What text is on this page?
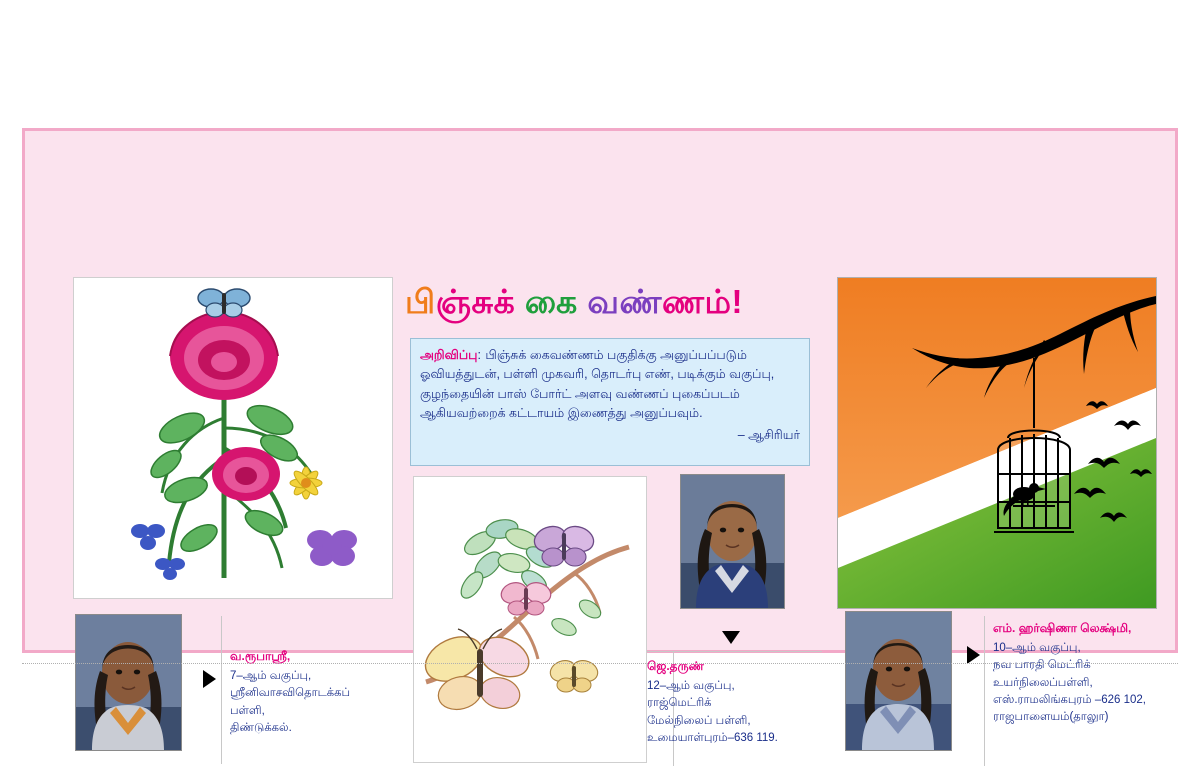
பிஞ்சுக் கை வண்ணம்!
அறிவிப்பு: பிஞ்சுக் கைவண்ணம் பகுதிக்கு அனுப்பப்படும் ஓவியத்துடன், பள்ளி முகவரி, தொடர்பு எண், படிக்கும் வகுப்பு, குழந்தையின் பாஸ் போர்ட் அளவு வண்ணப் புகைப்படம் ஆகியவற்றைக் கட்டாயம் இணைத்து அனுப்பவும்.
– ஆசிரியர்
வ.ரூபாஸ்ரீ,
7–ஆம் வகுப்பு,
ஸ்ரீனிவாசவிதொடக்கப்
பள்ளி,
திண்டுக்கல்.
ஜெ.தருண்
12–ஆம் வகுப்பு,
ராஜ்மெட்ரிக்
மேல்நிலைப் பள்ளி,
உமையாள்புரம்–636 119.
எம். ஹர்ஷிணா லெக்ஷ்மி,
10–ஆம் வகுப்பு,
நவ பாரதி மெட்ரிக்
உயர்நிலைப்பள்ளி,
எஸ்.ராமலிங்கபுரம் –626 102,
ராஜபாளையம்(தாலுா)
